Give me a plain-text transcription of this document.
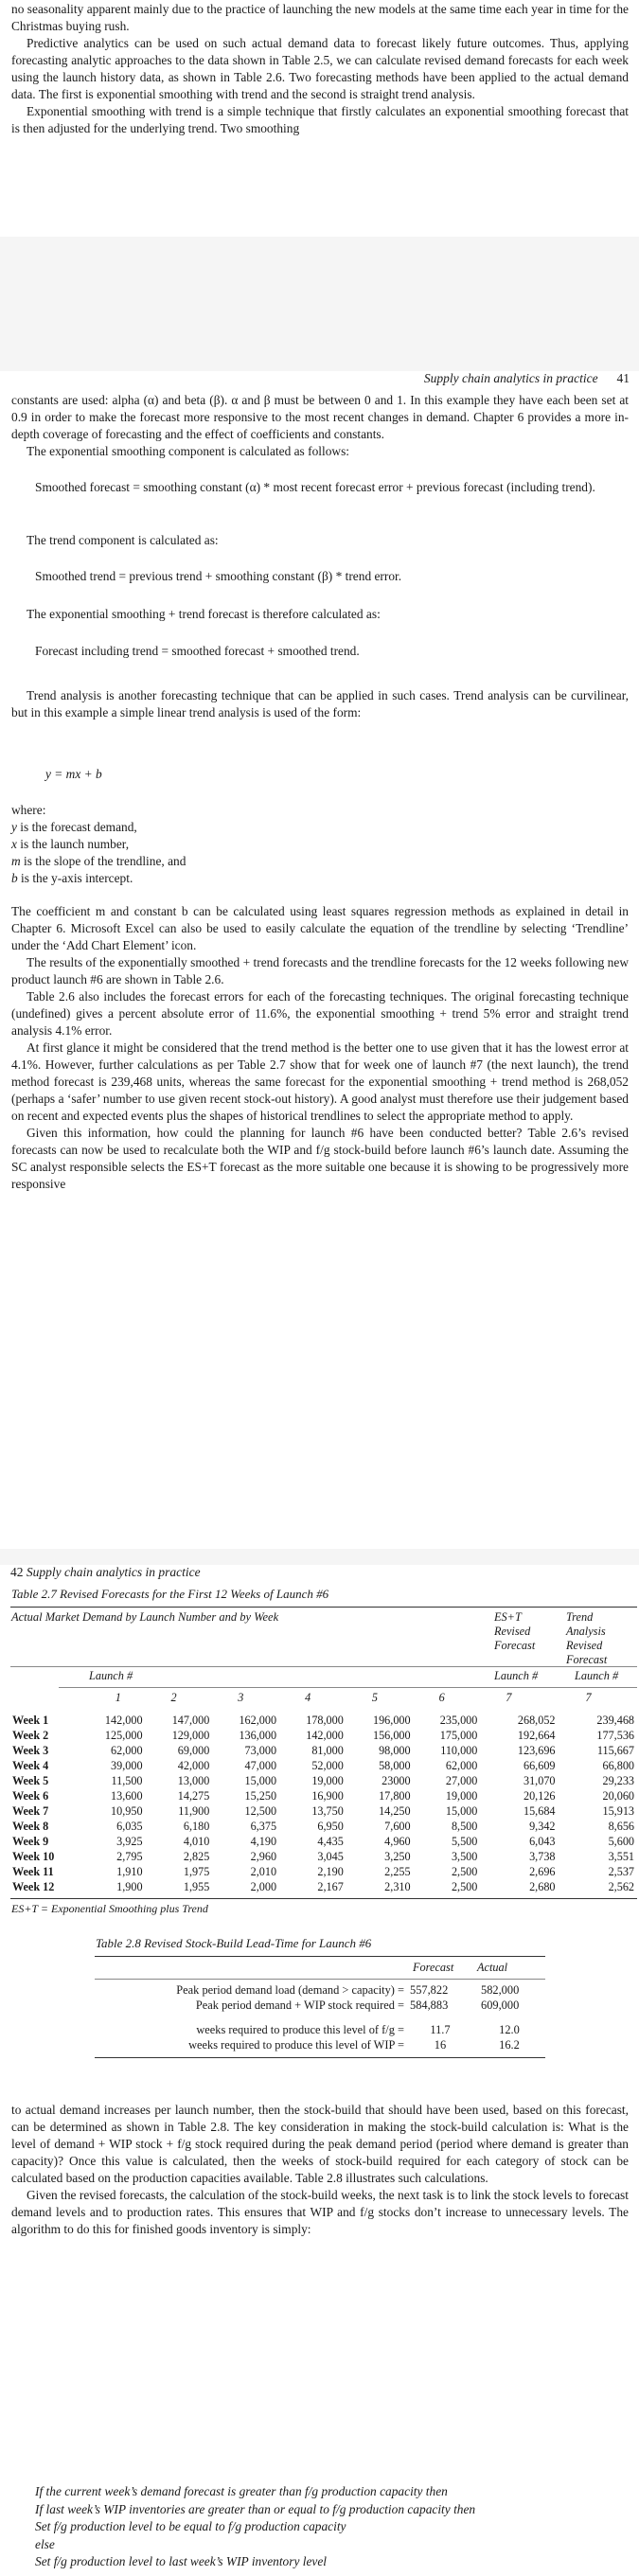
no seasonality apparent mainly due to the practice of launching the new models at the same time each year in time for the Christmas buying rush.

Predictive analytics can be used on such actual demand data to forecast likely future outcomes. Thus, applying forecasting analytic approaches to the data shown in Table 2.5, we can calculate revised demand forecasts for each week using the launch history data, as shown in Table 2.6. Two forecasting methods have been applied to the actual demand data. The first is exponential smoothing with trend and the second is straight trend analysis.

Exponential smoothing with trend is a simple technique that firstly calculates an exponential smoothing forecast that is then adjusted for the underlying trend. Two smoothing

Supply chain analytics in practice 41

constants are used: alpha (α) and beta (β). α and β must be between 0 and 1. In this example they have each been set at 0.9 in order to make the forecast more responsive to the most recent changes in demand. Chapter 6 provides a more in-depth coverage of forecasting and the effect of coefficients and constants.

The exponential smoothing component is calculated as follows:

Smoothed forecast = smoothing constant (α) * most recent forecast error + previous forecast (including trend).

The trend component is calculated as:

Smoothed trend = previous trend + smoothing constant (β) * trend error.

The exponential smoothing + trend forecast is therefore calculated as:

Forecast including trend = smoothed forecast + smoothed trend.

Trend analysis is another forecasting technique that can be applied in such cases. Trend analysis can be curvilinear, but in this example a simple linear trend analysis is used of the form:

y = mx + b
where:
y is the forecast demand,
x is the launch number,
m is the slope of the trendline, and
b is the y-axis intercept.

The coefficient m and constant b can be calculated using least squares regression methods as explained in detail in Chapter 6. Microsoft Excel can also be used to easily calculate the equation of the trendline by selecting ‘Trendline’ under the ‘Add Chart Element’ icon.

The results of the exponentially smoothed + trend forecasts and the trendline forecasts for the 12 weeks following new product launch #6 are shown in Table 2.6.

Table 2.6 also includes the forecast errors for each of the forecasting techniques. The original forecasting technique (undefined) gives a percent absolute error of 11.6%, the exponential smoothing + trend 5% error and straight trend analysis 4.1% error.

At first glance it might be considered that the trend method is the better one to use given that it has the lowest error at 4.1%. However, further calculations as per Table 2.7 show that for week one of launch #7 (the next launch), the trend method forecast is 239,468 units, whereas the same forecast for the exponential smoothing + trend method is 268,052 (perhaps a ‘safer’ number to use given recent stock-out history). A good analyst must therefore use their judgement based on recent and expected events plus the shapes of historical trendlines to select the appropriate method to apply.

Given this information, how could the planning for launch #6 have been conducted better? Table 2.6’s revised forecasts can now be used to recalculate both the WIP and f/g stock-build before launch #6’s launch date. Assuming the SC analyst responsible selects the ES+T forecast as the more suitable one because it is showing to be progressively more responsive

42 Supply chain analytics in practice
Table 2.7 Revised Forecasts for the First 12 Weeks of Launch #6
Actual Market Demand by Launch Number and by Week	ES+T Revised Forecast
Trend Analysis Revised Forecast
Launch #	Launch #	Launch #
	1	2	3	4	5	6	7	7

Week 1	142,000	147,000	162,000	178,000	196,000	235,000	268,052	239,468
Week 2	125,000	129,000	136,000	142,000	156,000	175,000	192,664	177,536
Week 3	62,000	69,000	73,000	81,000	98,000	110,000	123,696	115,667
Week 4	39,000	42,000	47,000	52,000	58,000	62,000	66,609	66,800
Week 5	11,500	13,000	15,000	19,000	23000	27,000	31,070	29,233
Week 6	13,600	14,275	15,250	16,900	17,800	19,000	20,126	20,060
Week 7	10,950	11,900	12,500	13,750	14,250	15,000	15,684	15,913
Week 8	6,035	6,180	6,375	6,950	7,600	8,500	9,342	8,656
Week 9	3,925	4,010	4,190	4,435	4,960	5,500	6,043	5,600
Week 10	2,795	2,825	2,960	3,045	3,250	3,500	3,738	3,551
Week 11	1,910	1,975	2,010	2,190	2,255	2,500	2,696	2,537
Week 12	1,900	1,955	2,000	2,167	2,310	2,500	2,680	2,562
ES+T = Exponential Smoothing plus Trend
Table 2.8 Revised Stock-Build Lead-Time for Launch #6
Forecast Actual
Peak period demand load (demand > capacity) =	557,822	582,000
Peak period demand + WIP stock required =	584,883	609,000

weeks required to produce this level of f/g =	11.7	12.0
weeks required to produce this level of WIP =	16	16.2

to actual demand increases per launch number, then the stock-build that should have been used, based on this forecast, can be determined as shown in Table 2.8. The key consideration in making the stock-build calculation is: What is the level of demand + WIP stock + f/g stock required during the peak demand period (period where demand is greater than capacity)? Once this value is calculated, then the weeks of stock-build required for each category of stock can be calculated based on the production capacities available. Table 2.8 illustrates such calculations.

Given the revised forecasts, the calculation of the stock-build weeks, the next task is to link the stock levels to forecast demand levels and to production rates. This ensures that WIP and f/g stocks don’t increase to unnecessary levels. The algorithm to do this for finished goods inventory is simply:

If the current week’s demand forecast is greater than f/g production capacity then
If last week’s WIP inventories are greater than or equal to f/g production capacity then
Set f/g production level to be equal to f/g production capacity
else
Set f/g production level to last week’s WIP inventory level
